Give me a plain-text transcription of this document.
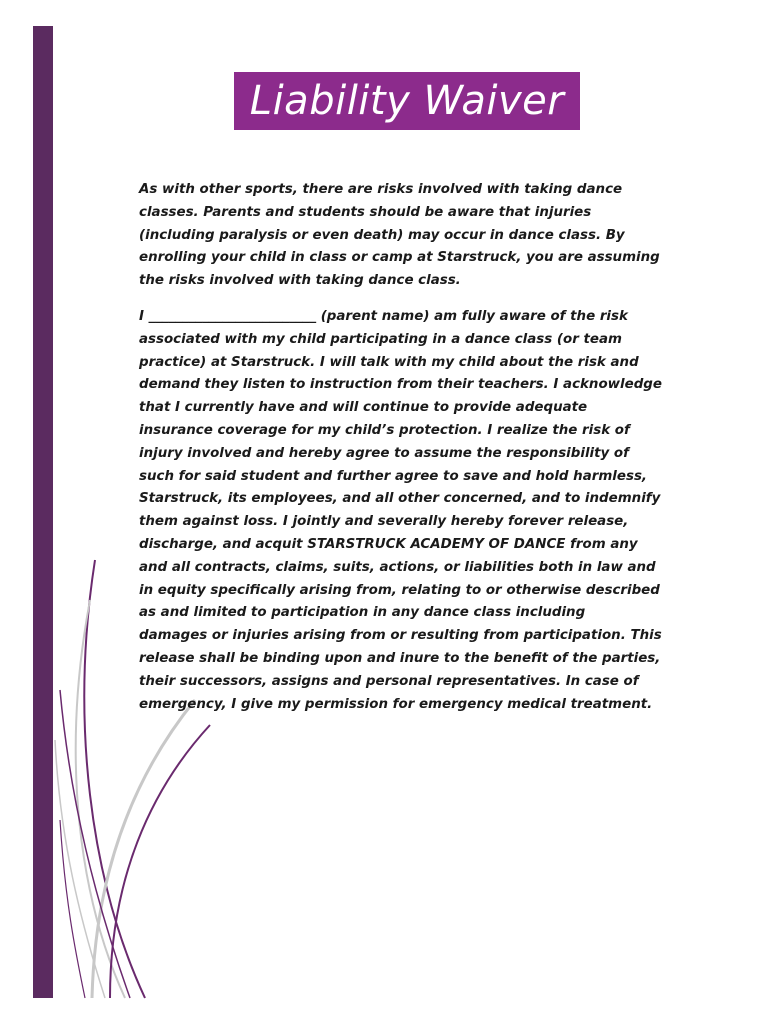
Liability Waiver
As with other sports, there are risks involved with taking dance
classes. Parents and students should be aware that injuries
(including paralysis or even death) may occur in dance class. By
enrolling your child in class or camp at Starstruck, you are assuming
the risks involved with taking dance class.
I _________________________ (parent name) am fully aware of the risk
associated with my child participating in a dance class (or team
practice) at Starstruck. I will talk with my child about the risk and
demand they listen to instruction from their teachers. I acknowledge
that I currently have and will continue to provide adequate
insurance coverage for my child’s protection. I realize the risk of
injury involved and hereby agree to assume the responsibility of
such for said student and further agree to save and hold harmless,
Starstruck, its employees, and all other concerned, and to indemnify
them against loss. I jointly and severally hereby forever release,
discharge, and acquit STARSTRUCK ACADEMY OF DANCE from any
and all contracts, claims, suits, actions, or liabilities both in law and
in equity specifically arising from, relating to or otherwise described
as and limited to participation in any dance class including
damages or injuries arising from or resulting from participation. This
release shall be binding upon and inure to the benefit of the parties,
their successors, assigns and personal representatives. In case of
emergency, I give my permission for emergency medical treatment.
